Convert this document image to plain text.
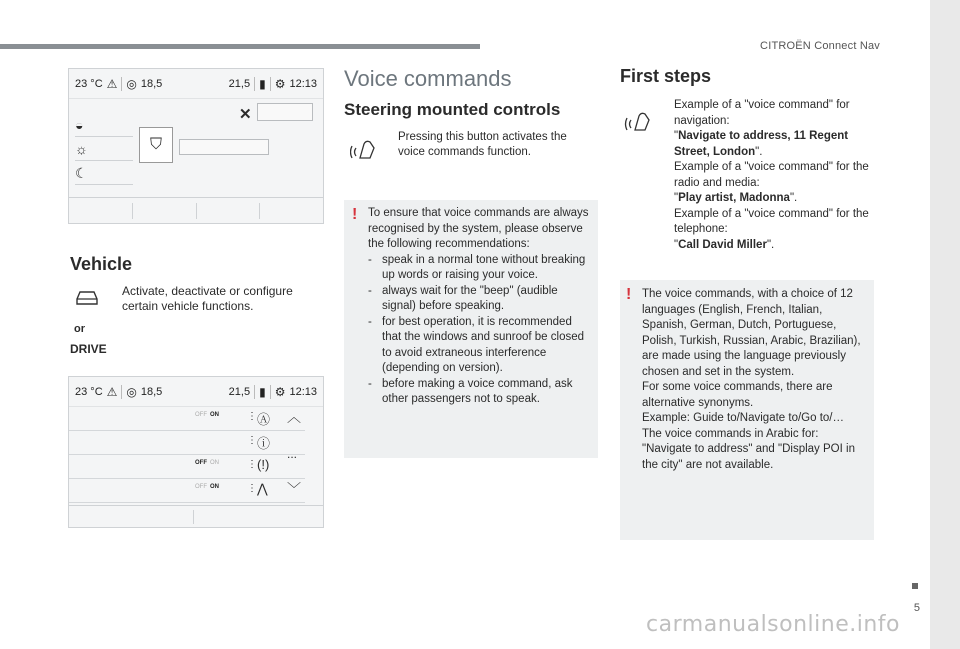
CITROËN Connect Nav
5
carmanualsonline.info
23 °C ⚠ ◎ 18,5	21,5 ▮ ⚙ 12:13
◒
☼
☾
⛉
✕
Vehicle
Activate, deactivate or configure certain vehicle functions.
or
DRIVE
23 °C ⚠ ◎ 18,5	21,5 ▮ ⚙ 12:13
OFF ON	⋮ Ⓐ
⋮ ⓘ
OFF ON	⋮ (!)
OFF ON	⋮ ⋀
︿
...
﹀
Voice commands
Steering mounted controls
Pressing this button activates the voice commands function.
! To ensure that voice commands are always recognised by the system, please observe the following recommendations:
- speak in a normal tone without breaking up words or raising your voice.
- always wait for the "beep" (audible signal) before speaking.
- for best operation, it is recommended that the windows and sunroof be closed to avoid extraneous interference (depending on version).
- before making a voice command, ask other passengers not to speak.
First steps
Example of a "voice command" for navigation:
"Navigate to address, 11 Regent Street, London".
Example of a "voice command" for the radio and media:
"Play artist, Madonna".
Example of a "voice command" for the telephone:
"Call David Miller".
! The voice commands, with a choice of 12 languages (English, French, Italian, Spanish, German, Dutch, Portuguese, Polish, Turkish, Russian, Arabic, Brazilian), are made using the language previously chosen and set in the system.
For some voice commands, there are alternative synonyms.
Example: Guide to/Navigate to/Go to/…
The voice commands in Arabic for: "Navigate to address" and "Display POI in the city" are not available.
